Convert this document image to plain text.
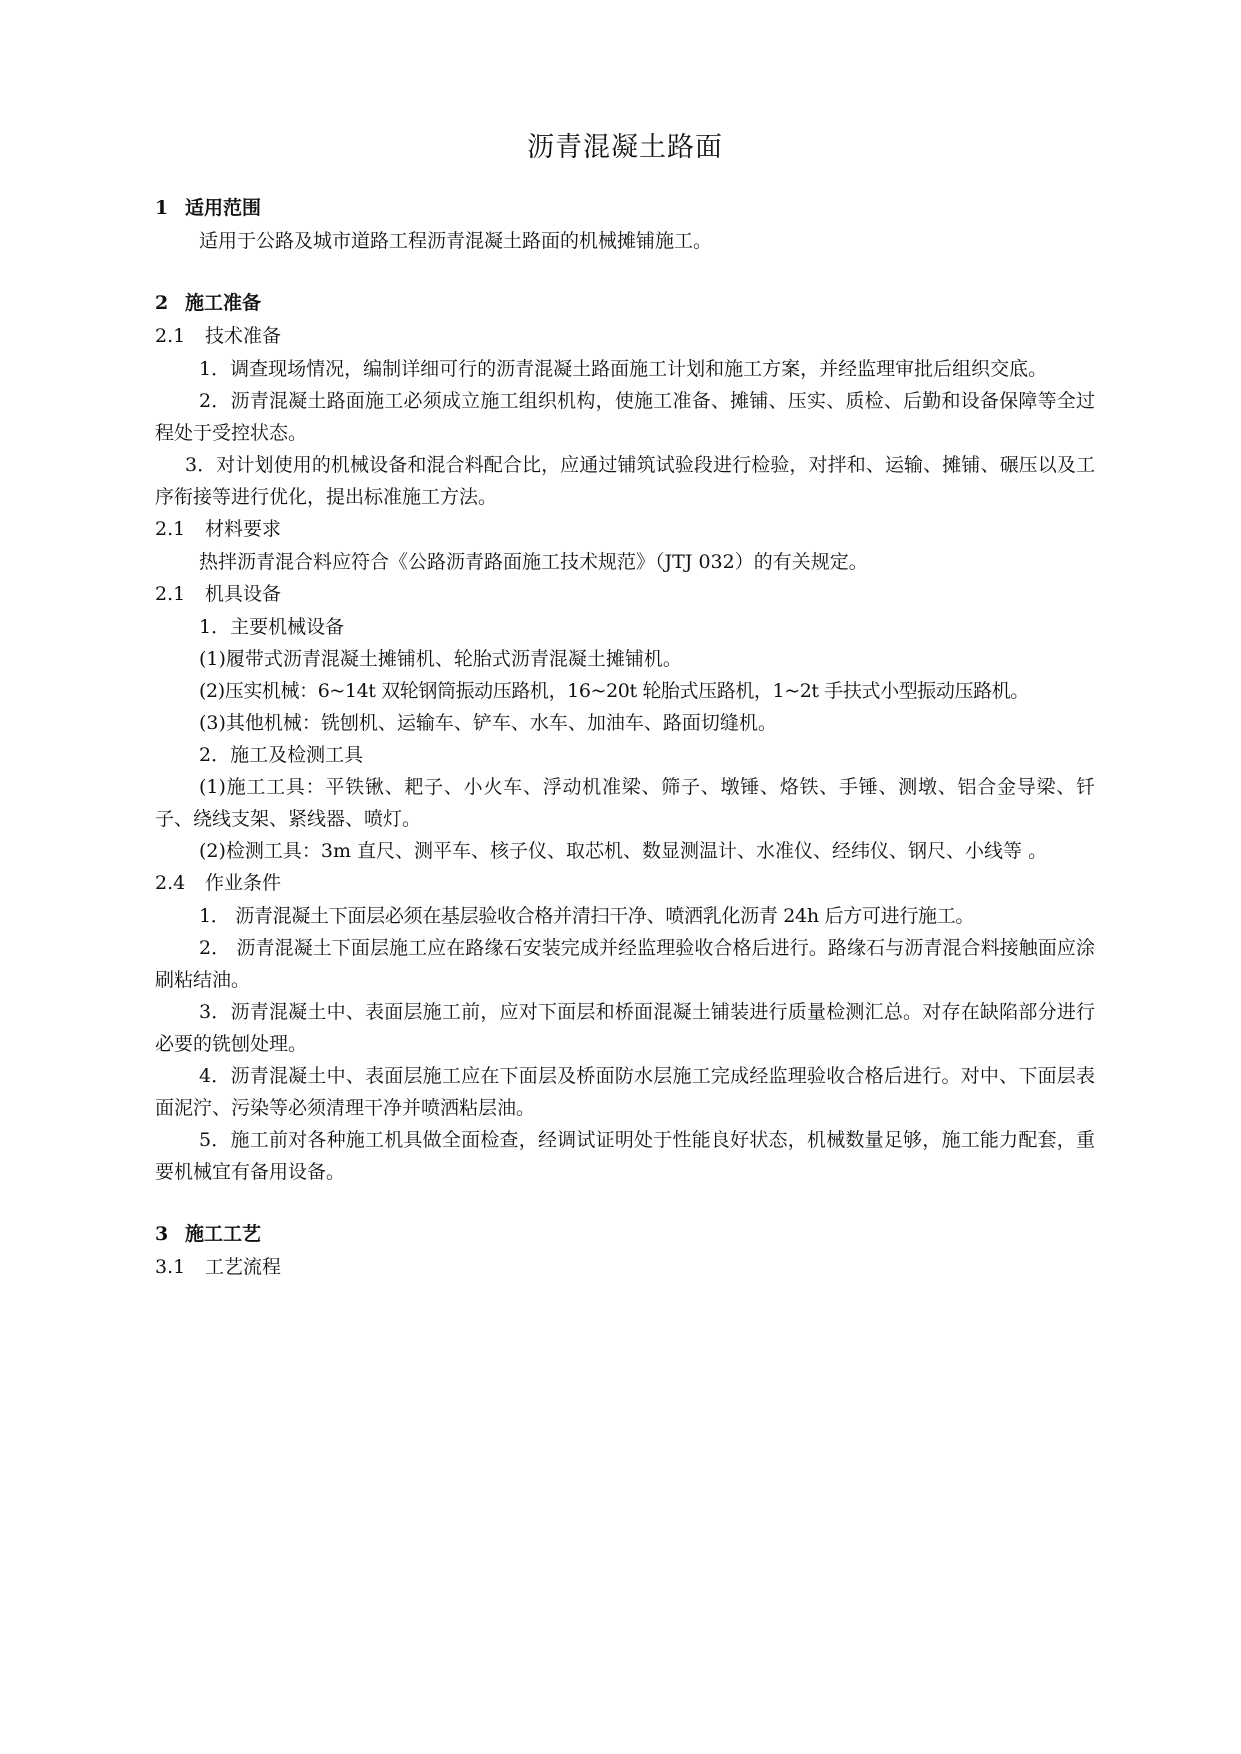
沥青混凝土路面
1 适用范围

适用于公路及城市道路工程沥青混凝土路面的机械摊铺施工。

2 施工准备
2.1 技术准备

1．调查现场情况，编制详细可行的沥青混凝土路面施工计划和施工方案，并经监理审批后组织交底。

2．沥青混凝土路面施工必须成立施工组织机构，使施工准备、摊铺、压实、质检、后勤和设备保障等全过程处于受控状态。

3．对计划使用的机械设备和混合料配合比，应通过铺筑试验段进行检验，对拌和、运输、摊铺、碾压以及工序衔接等进行优化，提出标准施工方法。

2.1 材料要求

热拌沥青混合料应符合《公路沥青路面施工技术规范》（JTJ 032）的有关规定。

2.1 机具设备

1．主要机械设备

(1)履带式沥青混凝土摊铺机、轮胎式沥青混凝土摊铺机。

(2)压实机械：6~14t 双轮钢筒振动压路机，16~20t 轮胎式压路机，1~2t 手扶式小型振动压路机。

(3)其他机械：铣刨机、运输车、铲车、水车、加油车、路面切缝机。

2．施工及检测工具

(1)施工工具：平铁锹、耙子、小火车、浮动机准梁、筛子、墩锤、烙铁、手锤、测墩、铝合金导梁、钎子、绕线支架、紧线器、喷灯。

(2)检测工具：3m 直尺、测平车、核子仪、取芯机、数显测温计、水准仪、经纬仪、钢尺、小线等 。

2.4 作业条件

1． 沥青混凝土下面层必须在基层验收合格并清扫干净、喷洒乳化沥青 24h 后方可进行施工。

2． 沥青混凝土下面层施工应在路缘石安装完成并经监理验收合格后进行。路缘石与沥青混合料接触面应涂刷粘结油。

3．沥青混凝土中、表面层施工前，应对下面层和桥面混凝土铺装进行质量检测汇总。对存在缺陷部分进行必要的铣刨处理。

4．沥青混凝土中、表面层施工应在下面层及桥面防水层施工完成经监理验收合格后进行。对中、下面层表面泥泞、污染等必须清理干净并喷洒粘层油。

5．施工前对各种施工机具做全面检查，经调试证明处于性能良好状态，机械数量足够，施工能力配套，重要机械宜有备用设备。

3 施工工艺
3.1 工艺流程
